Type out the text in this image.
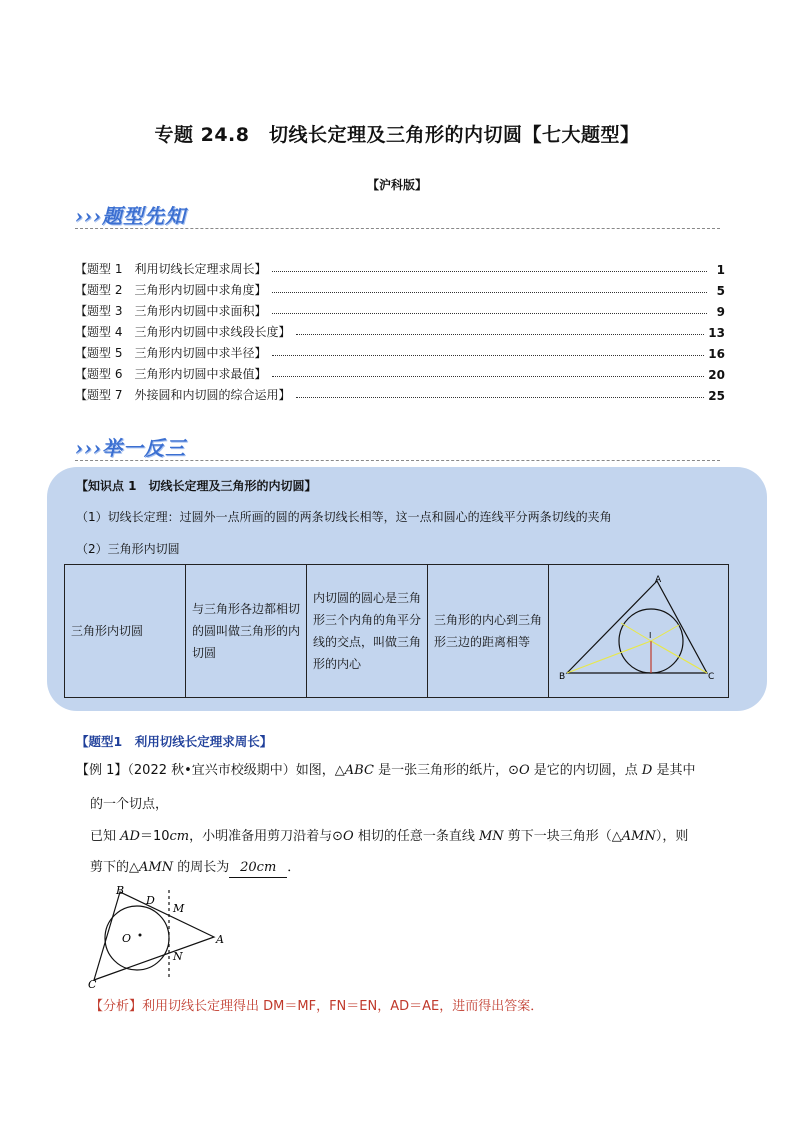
专题 24.8　切线长定理及三角形的内切圆【七大题型】
【沪科版】
›››题型先知
【题型 1　利用切线长定理求周长】	1
【题型 2　三角形内切圆中求角度】	5
【题型 3　三角形内切圆中求面积】	9
【题型 4　三角形内切圆中求线段长度】	13
【题型 5　三角形内切圆中求半径】	16
【题型 6　三角形内切圆中求最值】	20
【题型 7　外接圆和内切圆的综合运用】	25
›››举一反三
【知识点 1　切线长定理及三角形的内切圆】
（1）切线长定理：过圆外一点所画的圆的两条切线长相等，这一点和圆心的连线平分两条切线的夹角
（2）三角形内切圆
三角形内切圆	与三角形各边都相切的圆叫做三角形的内切圆	内切圆的圆心是三角形三个内角的角平分线的交点，叫做三角形的内心	三角形的内心到三角形三边的距离相等	
A
B	C
I
【题型1　利用切线长定理求周长】
【例 1】（2022 秋•宜兴市校级期中）如图，△ABC 是一张三角形的纸片，⊙O 是它的内切圆，点 D 是其中
的一个切点，
已知 AD＝10cm，小明准备用剪刀沿着与⊙O 相切的任意一条直线 MN 剪下一块三角形（△AMN），则
剪下的△AMN 的周长为 20cm ．
B
D
M
O	A
N
C
【分析】利用切线长定理得出 DM＝MF，FN＝EN，AD＝AE，进而得出答案．
